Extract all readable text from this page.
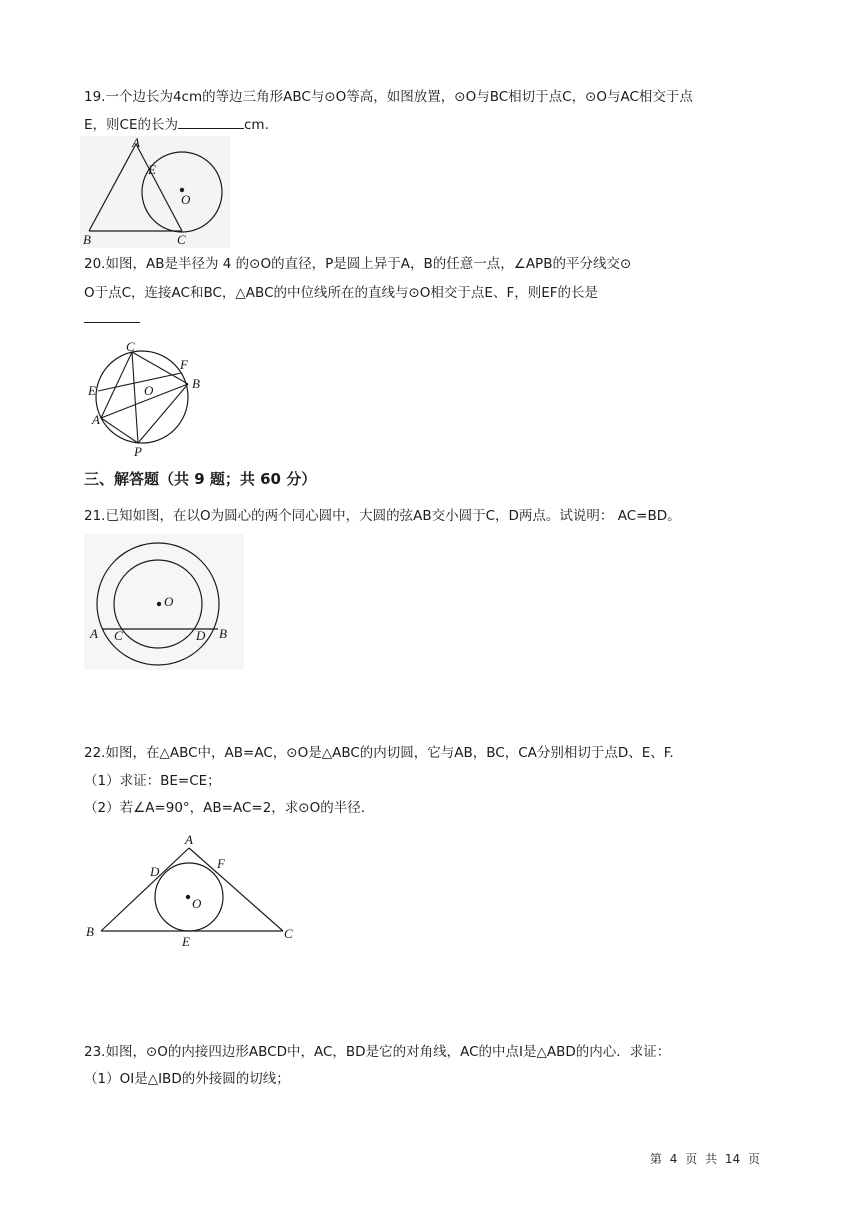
19.一个边长为4cm的等边三角形ABC与⊙O等高，如图放置，⊙O与BC相切于点C，⊙O与AC相交于点
E，则CE的长为	cm.
A
B	C
E
O
20.如图，AB是半径为 4 的⊙O的直径，P是圆上异于A，B的任意一点，∠APB的平分线交⊙
O于点C，连接AC和BC，△ABC的中位线所在的直线与⊙O相交于点E、F，则EF的长是
C
F
B
E	O
A
P
三、解答题（共 9 题；共 60 分）
21.已知如图，在以O为圆心的两个同心圆中，大圆的弦AB交小圆于C，D两点。试说明： AC=BD。
O
A C	D B
22.如图，在△ABC中，AB=AC，⊙O是△ABC的内切圆，它与AB，BC，CA分别相切于点D、E、F.
（1）求证：BE=CE；
（2）若∠A=90°，AB=AC=2，求⊙O的半径.
A
D
F
O
B
E
C
23.如图，⊙O的内接四边形ABCD中，AC，BD是它的对角线，AC的中点I是△ABD的内心．求证：
（1）OI是△IBD的外接圆的切线；
第 4 页 共 14 页
